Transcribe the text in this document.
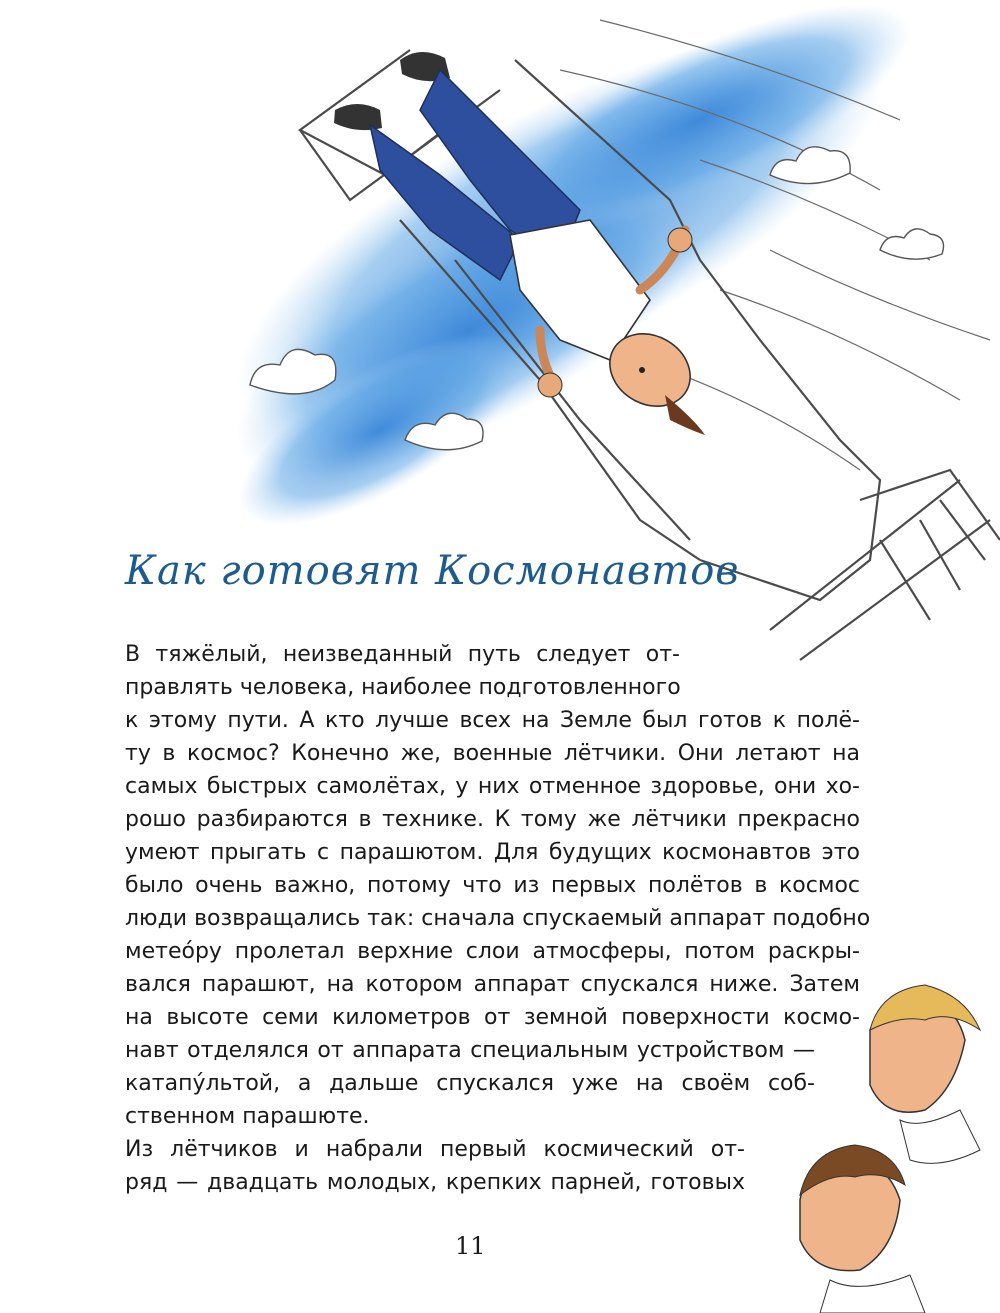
Как готовят Космонавтов
В тяжёлый, неизведанный путь следует от-
правлять человека, наиболее подготовленного
к этому пути. А кто лучше всех на Земле был готов к полё-
ту в космос? Конечно же, военные лётчики. Они летают на
самых быстрых самолётах, у них отменное здоровье, они хо-
рошо разбираются в технике. К тому же лётчики прекрасно
умеют прыгать с парашютом. Для будущих космонавтов это
было очень важно, потому что из первых полётов в космос
люди возвращались так: сначала спускаемый аппарат подобно
метеóру пролетал верхние слои атмосферы, потом раскры-
вался парашют, на котором аппарат спускался ниже. Затем
на высоте семи километров от земной поверхности космо-
навт отделялся от аппарата специальным устройством —
катапýльтой, а дальше спускался уже на своём соб-
ственном парашюте.
Из лётчиков и набрали первый космический от-
ряд — двадцать молодых, крепких парней, готовых
11
